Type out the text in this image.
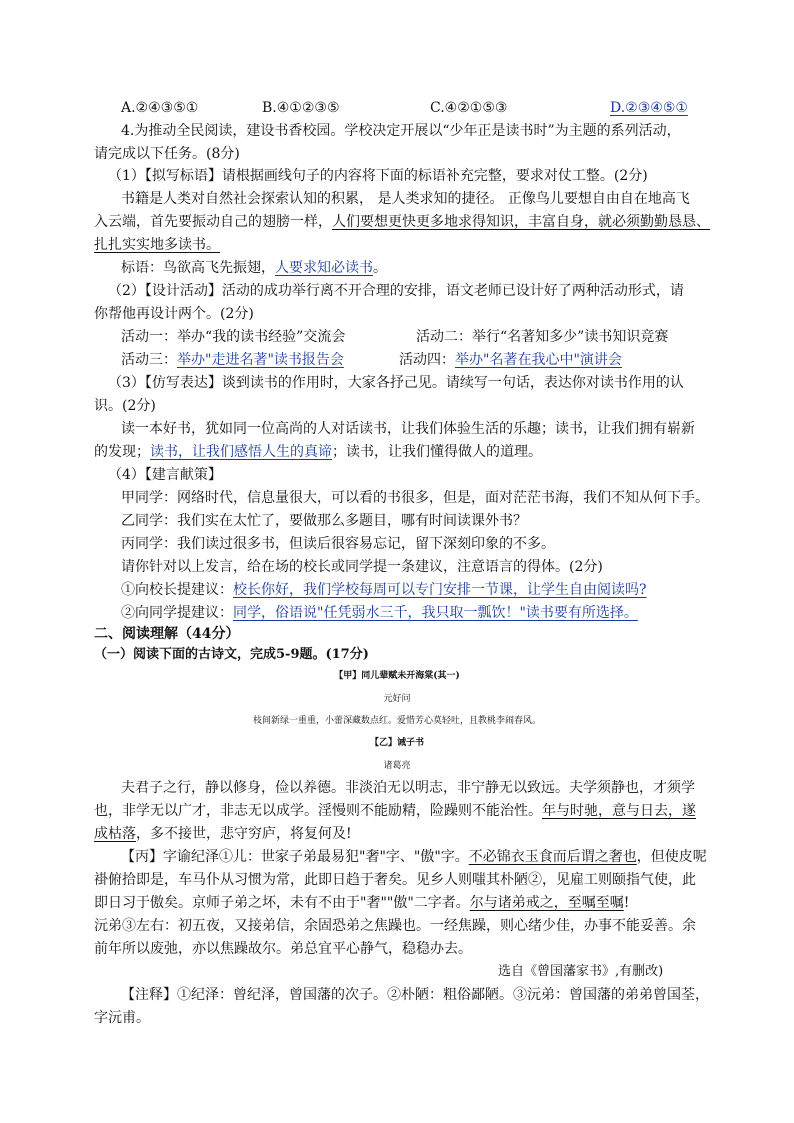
A.②④③⑤①	B.④①②③⑤	C.④②①⑤③	D.②③④⑤①
4.为推动全民阅读，建设书香校园。学校决定开展以“少年正是读书时”为主题的系列活动，
请完成以下任务。(8分)
（1）【拟写标语】请根据画线句子的内容将下面的标语补充完整，要求对仗工整。(2分)
书籍是人类对自然社会探索认知的积累， 是人类求知的捷径。 正像鸟儿要想自由自在地高飞
入云端，首先要振动自己的翅膀一样，人们要想更快更多地求得知识，丰富自身，就必须勤勤恳恳、
扎扎实实地多读书。
标语：鸟欲高飞先振翅，人要求知必读书。
（2）【设计活动】活动的成功举行离不开合理的安排，语文老师已设计好了两种活动形式，请
你帮他再设计两个。(2分)
活动一：举办“我的读书经验”交流会	活动二：举行“名著知多少”读书知识竞赛
活动三：举办"走进名著"读书报告会	活动四：举办"名著在我心中"演讲会
（3）【仿写表达】谈到读书的作用时，大家各抒己见。请续写一句话，表达你对读书作用的认
识。(2分)
读一本好书，犹如同一位高尚的人对话读书，让我们体验生活的乐趣；读书，让我们拥有崭新
的发现；读书，让我们感悟人生的真谛；读书，让我们懂得做人的道理。
（4）【建言献策】
甲同学：网络时代，信息量很大，可以看的书很多，但是，面对茫茫书海，我们不知从何下手。
乙同学：我们实在太忙了，要做那么多题目，哪有时间读课外书？
丙同学：我们读过很多书，但读后很容易忘记，留下深刻印象的不多。
请你针对以上发言，给在场的校长或同学提一条建议，注意语言的得体。(2分)
①向校长提建议：校长你好，我们学校每周可以专门安排一节课，让学生自由阅读吗?
②向同学提建议：同学，俗语说"任凭弱水三千，我只取一瓢饮！"读书要有所选择。
二、阅读理解（44分）
（一）阅读下面的古诗文，完成5-9题。(17分)
【甲】同儿辈赋未开海棠(其一)
元好问
枝间新绿一重重，小蕾深藏数点红。爱惜芳心莫轻吐，且教桃李闹春风。
【乙】诫子书
诸葛亮
夫君子之行，静以修身，俭以养德。非淡泊无以明志，非宁静无以致远。夫学须静也，才须学
也，非学无以广才，非志无以成学。淫慢则不能励精，险躁则不能治性。年与时驰，意与日去，遂
成枯落，多不接世，悲守穷庐，将复何及!
【丙】字谕纪泽①儿：世家子弟最易犯"奢"字、"傲"字。不必锦衣玉食而后谓之奢也，但使皮呢
褂俯拾即是，车马仆从习惯为常，此即日趋于奢矣。见乡人则嗤其朴陋②，见雇工则颐指气使，此
即日习于傲矣。京师子弟之坏，未有不由于"奢""傲"二字者。尔与诸弟戒之，至嘱至嘱!
沅弟③左右：初五夜，又接弟信，余固恐弟之焦躁也。一经焦躁，则心绪少佳，办事不能妥善。余
前年所以废弛，亦以焦躁故尔。弟总宜平心静气，稳稳办去。
选自《曾国藩家书》,有删改)
【注释】①纪泽：曾纪泽，曾国藩的次子。②朴陋：粗俗鄙陋。③沅弟：曾国藩的弟弟曾国荃，
字沅甫。
